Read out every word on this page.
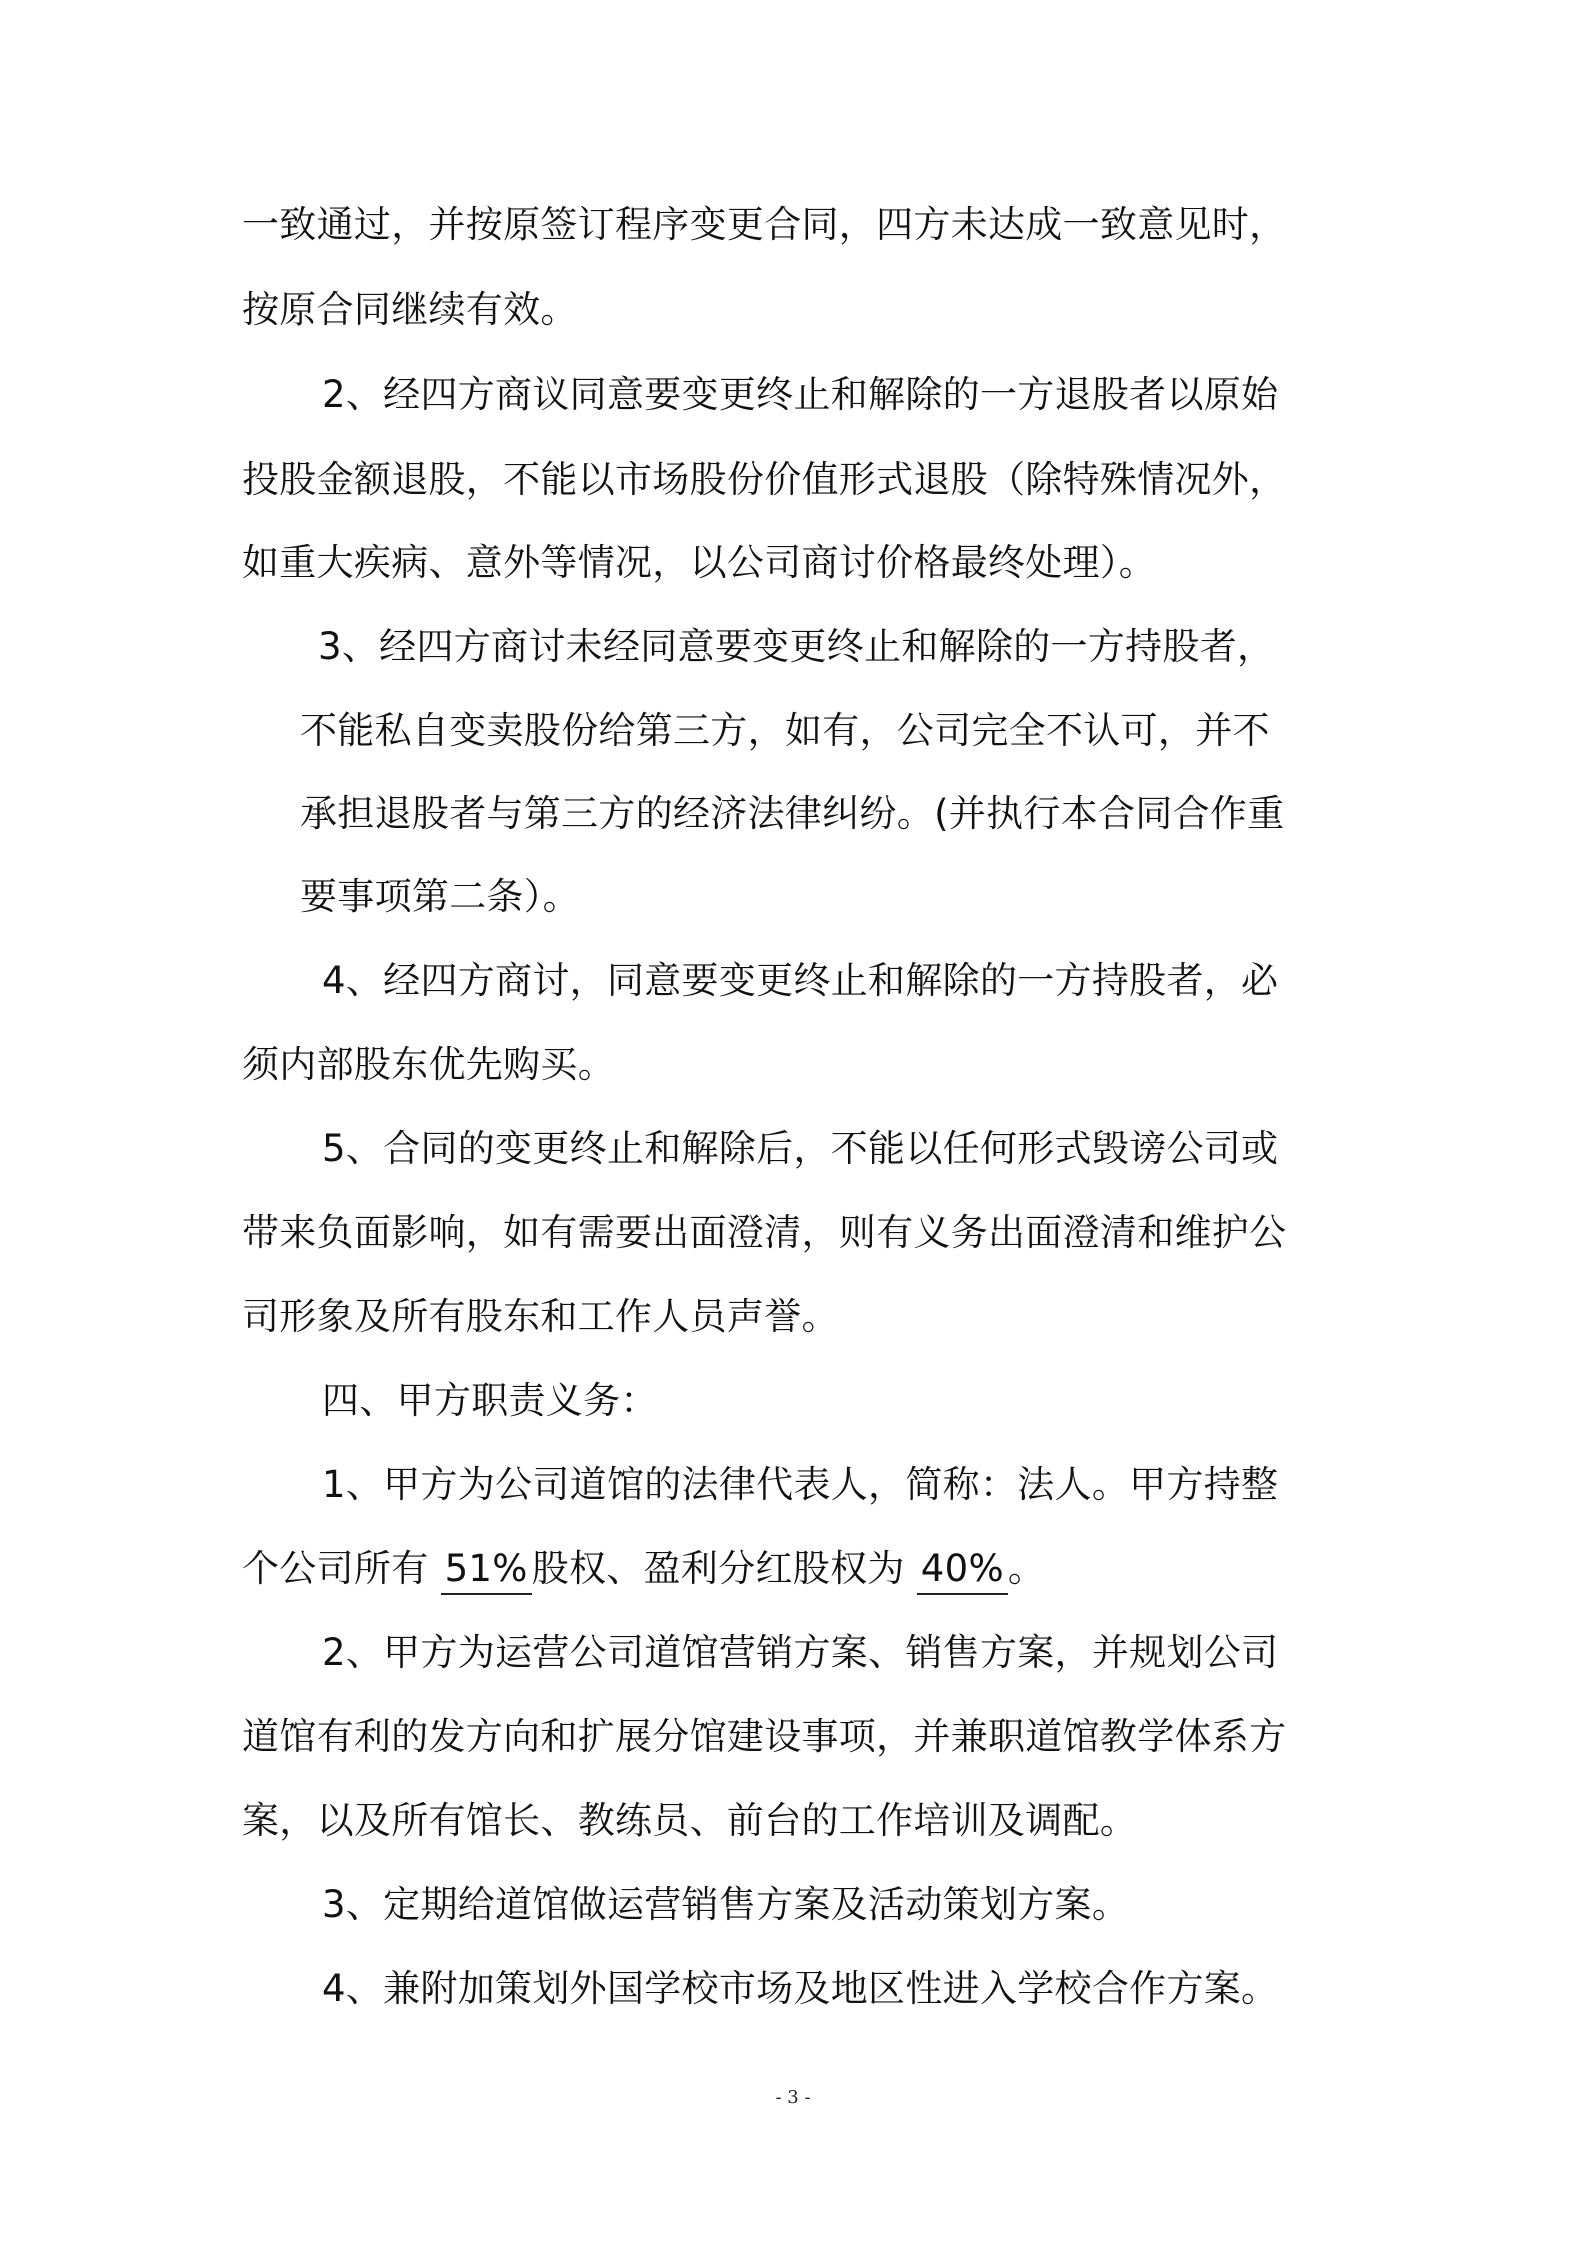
一致通过，并按原签订程序变更合同，四方未达成一致意见时，
按原合同继续有效。
2、经四方商议同意要变更终止和解除的一方退股者以原始
投股金额退股，不能以市场股份价值形式退股（除特殊情况外，
如重大疾病、意外等情况，以公司商讨价格最终处理）。
3、经四方商讨未经同意要变更终止和解除的一方持股者，
不能私自变卖股份给第三方，如有，公司完全不认可，并不
承担退股者与第三方的经济法律纠纷。(并执行本合同合作重
要事项第二条）。
4、经四方商讨，同意要变更终止和解除的一方持股者，必
须内部股东优先购买。
5、合同的变更终止和解除后，不能以任何形式毁谤公司或
带来负面影响，如有需要出面澄清，则有义务出面澄清和维护公
司形象及所有股东和工作人员声誉。
四、甲方职责义务：
1、甲方为公司道馆的法律代表人，简称：法人。甲方持整
个公司所有 51% 股权、盈利分红股权为 40% 。
2、甲方为运营公司道馆营销方案、销售方案，并规划公司
道馆有利的发方向和扩展分馆建设事项，并兼职道馆教学体系方
案，以及所有馆长、教练员、前台的工作培训及调配。
3、定期给道馆做运营销售方案及活动策划方案。
4、兼附加策划外国学校市场及地区性进入学校合作方案。
- 3 -
